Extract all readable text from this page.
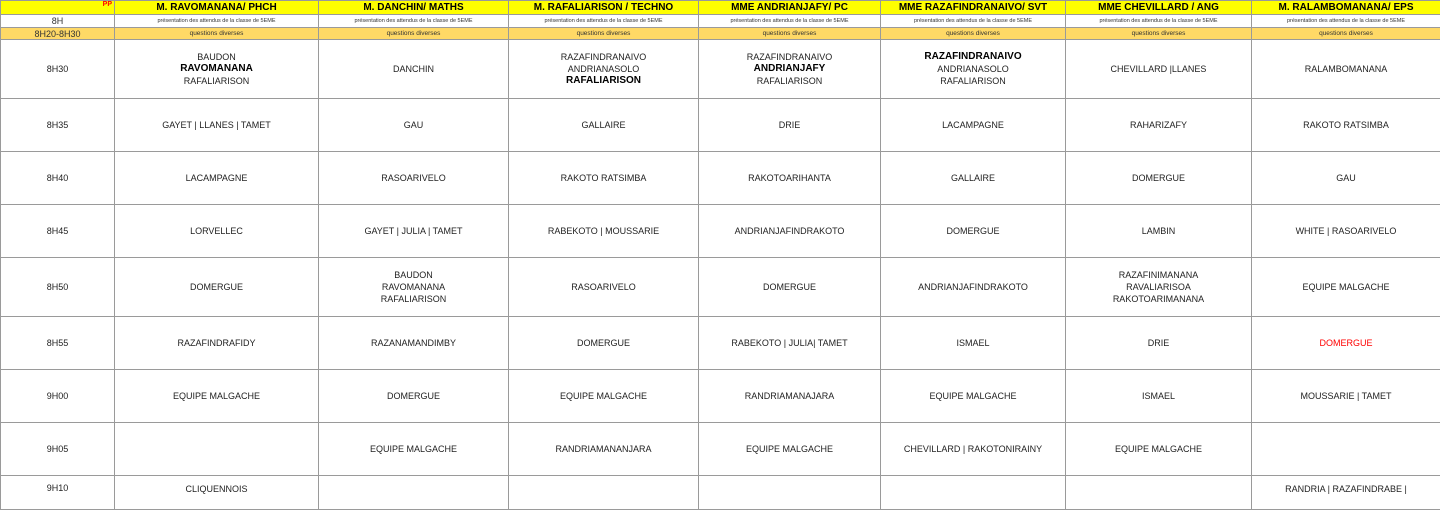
PP	M. RAVOMANANA/ PHCH	M. DANCHIN/ MATHS	M. RAFALIARISON / TECHNO	MME ANDRIANJAFY/ PC	MME RAZAFINDRANAIVO/ SVT	MME CHEVILLARD / ANG	M. RALAMBOMANANA/ EPS
8H	présentation des attendus de la classe de 5EME	présentation des attendus de la classe de 5EME	présentation des attendus de la classe de 5EME	présentation des attendus de la classe de 5EME	présentation des attendus de la classe de 5EME	présentation des attendus de la classe de 5EME	présentation des attendus de la classe de 5EME
8H20-8H30	questions diverses	questions diverses	questions diverses	questions diverses	questions diverses	questions diverses	questions diverses
8H30	BAUDON
RAVOMANANA
RAFALIARISON	DANCHIN	RAZAFINDRANAIVO
ANDRIANASOLO
RAFALIARISON	RAZAFINDRANAIVO
ANDRIANJAFY
RAFALIARISON	RAZAFINDRANAIVO
ANDRIANASOLO
RAFALIARISON	CHEVILLARD |LLANES	RALAMBOMANANA

8H35	GAYET | LLANES | TAMET	GAU	GALLAIRE	DRIE	LACAMPAGNE	RAHARIZAFY	RAKOTO RATSIMBA

8H40	LACAMPAGNE	RASOARIVELO	RAKOTO RATSIMBA	RAKOTOARIHANTA	GALLAIRE	DOMERGUE	GAU

8H45	LORVELLEC	GAYET | JULIA | TAMET	RABEKOTO | MOUSSARIE	ANDRIANJAFINDRAKOTO	DOMERGUE	LAMBIN	WHITE | RASOARIVELO

8H50	DOMERGUE	BAUDON
RAVOMANANA
RAFALIARISON	RASOARIVELO	DOMERGUE	ANDRIANJAFINDRAKOTO	RAZAFINIMANANA
RAVALIARISOA
RAKOTOARIMANANA	EQUIPE MALGACHE

8H55	RAZAFINDRAFIDY	RAZANAMANDIMBY	DOMERGUE	RABEKOTO | JULIA| TAMET	ISMAEL	DRIE	DOMERGUE

9H00	EQUIPE MALGACHE	DOMERGUE	EQUIPE MALGACHE	RANDRIAMANAJARA	EQUIPE MALGACHE	ISMAEL	MOUSSARIE | TAMET

9H05		EQUIPE MALGACHE	RANDRIAMANANJARA	EQUIPE MALGACHE	CHEVILLARD | RAKOTONIRAINY	EQUIPE MALGACHE	

9H10	CLIQUENNOIS						RANDRIA | RAZAFINDRABE |
